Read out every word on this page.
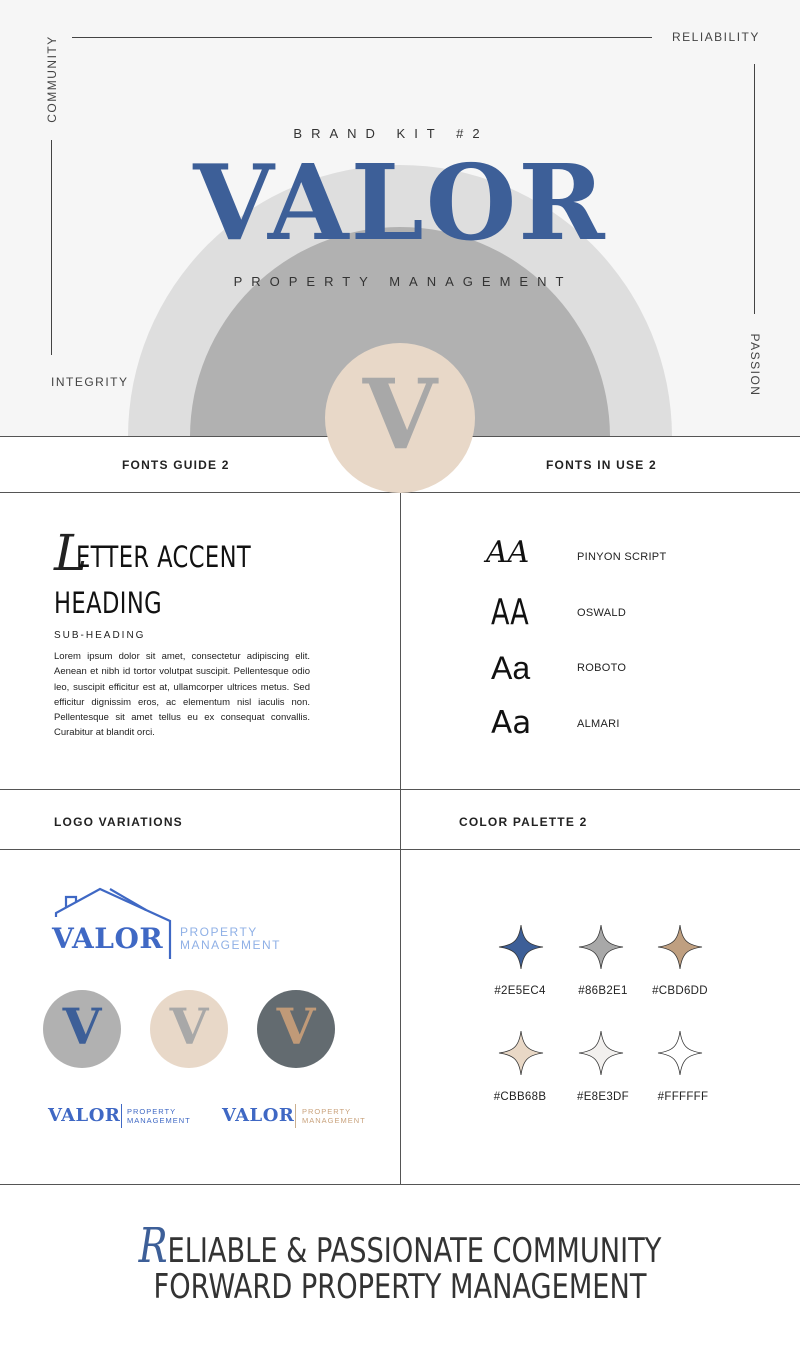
COMMUNITY	RELIABILITY
INTEGRITY	PASSION
BRAND KIT #2
VALOR
PROPERTY MANAGEMENT
V
FONTS GUIDE 2	FONTS IN USE 2
LOGO VARIATIONS	COLOR PALETTE 2
L
ETTER ACCENT
HEADING
SUB-HEADING
Lorem ipsum dolor sit amet, consectetur adipiscing elit. Aenean et nibh id tortor volutpat suscipit. Pellentesque odio leo, suscipit efficitur est at, ullamcorper ultrices metus. Sed efficitur dignissim eros, ac elementum nisl iaculis non. Pellentesque sit amet tellus eu ex consequat convallis. Curabitur at blandit orci.
AA	PINYON SCRIPT
AA	OSWALD
Aa	ROBOTO
Aa	ALMARI
VALOR PROPERTY
MANAGEMENT
V V V
VALOR PROPERTY
MANAGEMENT VALOR PROPERTY
MANAGEMENT
#2E5EC4	#86B2E1	#CBD6DD
#CBB68B	#E8E3DF	#FFFFFF
RELIABLE & PASSIONATE COMMUNITY
FORWARD PROPERTY MANAGEMENT
